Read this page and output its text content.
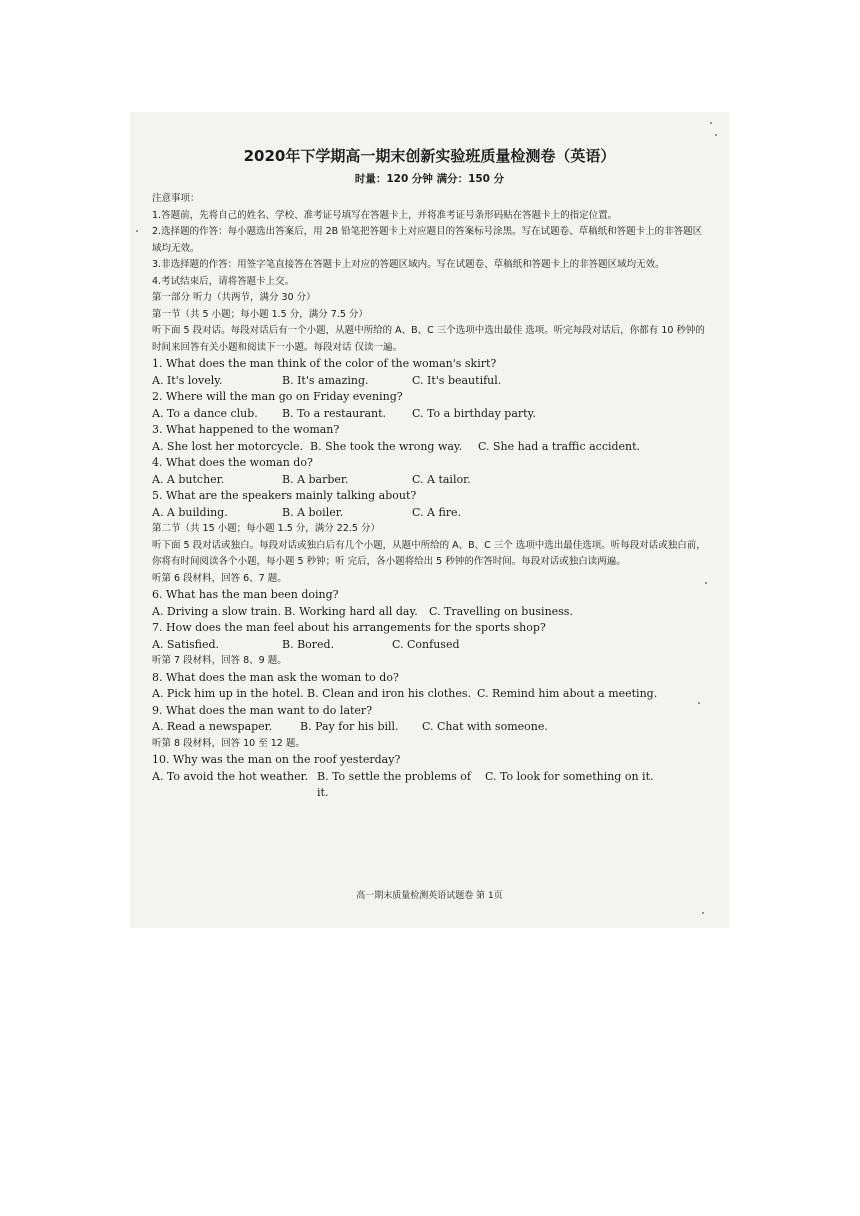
2020年下学期高一期末创新实验班质量检测卷（英语）
时量：120 分钟 满分：150 分
注意事项：
1.答题前，先将自己的姓名、学校、准考证号填写在答题卡上，并将准考证号条形码贴在答题卡上的指定位置。
2.选择题的作答：每小题选出答案后，用 2B 铅笔把答题卡上对应题目的答案标号涂黑。写在试题卷、草稿纸和答题卡上的非答题区域均无效。
3.非选择题的作答：用签字笔直接答在答题卡上对应的答题区域内。写在试题卷、草稿纸和答题卡上的非答题区域均无效。
4.考试结束后，请将答题卡上交。
第一部分 听力（共两节，满分 30 分）
第一节（共 5 小题；每小题 1.5 分，满分 7.5 分）
听下面 5 段对话。每段对话后有一个小题，从题中所给的 A、B、C 三个选项中选出最佳 选项。听完每段对话后，你都有 10 秒钟的时间来回答有关小题和阅读下一小题。每段对话 仅读一遍。
1. What does the man think of the color of the woman's skirt?
A. It's lovely.	B. It's amazing.	C. It's beautiful.
2. Where will the man go on Friday evening?
A. To a dance club.	B. To a restaurant.	C. To a birthday party.
3. What happened to the woman?
A. She lost her motorcycle. B. She took the wrong way.	C. She had a traffic accident.
4. What does the woman do?
A. A butcher.	B. A barber.	C. A tailor.
5. What are the speakers mainly talking about?
A. A building.	B. A boiler.	C. A fire.
第二节（共 15 小题；每小题 1.5 分，满分 22.5 分）
听下面 5 段对话或独白。每段对话或独白后有几个小题，从题中所给的 A、B、C 三个 选项中选出最佳选项。听每段对话或独白前，你将有时间阅读各个小题，每小题 5 秒钟；听 完后，各小题将给出 5 秒钟的作答时间。每段对话或独白读两遍。
听第 6 段材料，回答 6、7 题。
6. What has the man been doing?
A. Driving a slow train. B. Working hard all day.	C. Travelling on business.
7. How does the man feel about his arrangements for the sports shop?
A. Satisfied.	B. Bored.	C. Confused
听第 7 段材料，回答 8、9 题。
8. What does the man ask the woman to do?
A. Pick him up in the hotel. B. Clean and iron his clothes. C. Remind him about a meeting.
9. What does the man want to do later?
A. Read a newspaper.	B. Pay for his bill.	C. Chat with someone.
听第 8 段材料，回答 10 至 12 题。
10. Why was the man on the roof yesterday?
A. To avoid the hot weather. B. To settle the problems of it.
C. To look for something on it.
高一期末质量检测英语试题卷 第 1页
